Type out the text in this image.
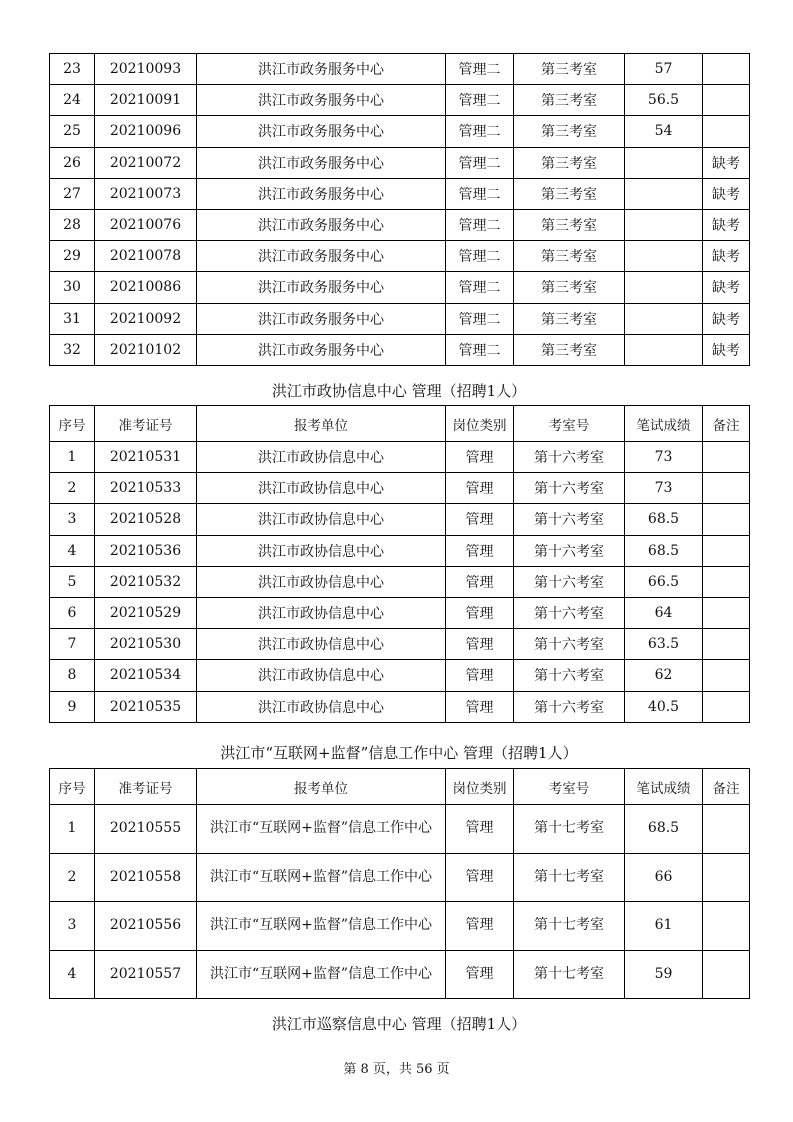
23	20210093	洪江市政务服务中心	管理二	第三考室	57	
24	20210091	洪江市政务服务中心	管理二	第三考室	56.5	
25	20210096	洪江市政务服务中心	管理二	第三考室	54	
26	20210072	洪江市政务服务中心	管理二	第三考室		缺考
27	20210073	洪江市政务服务中心	管理二	第三考室		缺考
28	20210076	洪江市政务服务中心	管理二	第三考室		缺考
29	20210078	洪江市政务服务中心	管理二	第三考室		缺考
30	20210086	洪江市政务服务中心	管理二	第三考室		缺考
31	20210092	洪江市政务服务中心	管理二	第三考室		缺考
32	20210102	洪江市政务服务中心	管理二	第三考室		缺考
洪江市政协信息中心 管理（招聘1人）
序号	准考证号	报考单位	岗位类别	考室号	笔试成绩	备注
1	20210531	洪江市政协信息中心	管理	第十六考室	73	
2	20210533	洪江市政协信息中心	管理	第十六考室	73	
3	20210528	洪江市政协信息中心	管理	第十六考室	68.5	
4	20210536	洪江市政协信息中心	管理	第十六考室	68.5	
5	20210532	洪江市政协信息中心	管理	第十六考室	66.5	
6	20210529	洪江市政协信息中心	管理	第十六考室	64	
7	20210530	洪江市政协信息中心	管理	第十六考室	63.5	
8	20210534	洪江市政协信息中心	管理	第十六考室	62	
9	20210535	洪江市政协信息中心	管理	第十六考室	40.5	
洪江市“互联网+监督”信息工作中心 管理（招聘1人）
序号	准考证号	报考单位	岗位类别	考室号	笔试成绩	备注
1	20210555	洪江市“互联网+监督”信息工作中心	管理	第十七考室	68.5	
2	20210558	洪江市“互联网+监督”信息工作中心	管理	第十七考室	66	
3	20210556	洪江市“互联网+监督”信息工作中心	管理	第十七考室	61	
4	20210557	洪江市“互联网+监督”信息工作中心	管理	第十七考室	59	
洪江市巡察信息中心 管理（招聘1人）
第 8 页，共 56 页
